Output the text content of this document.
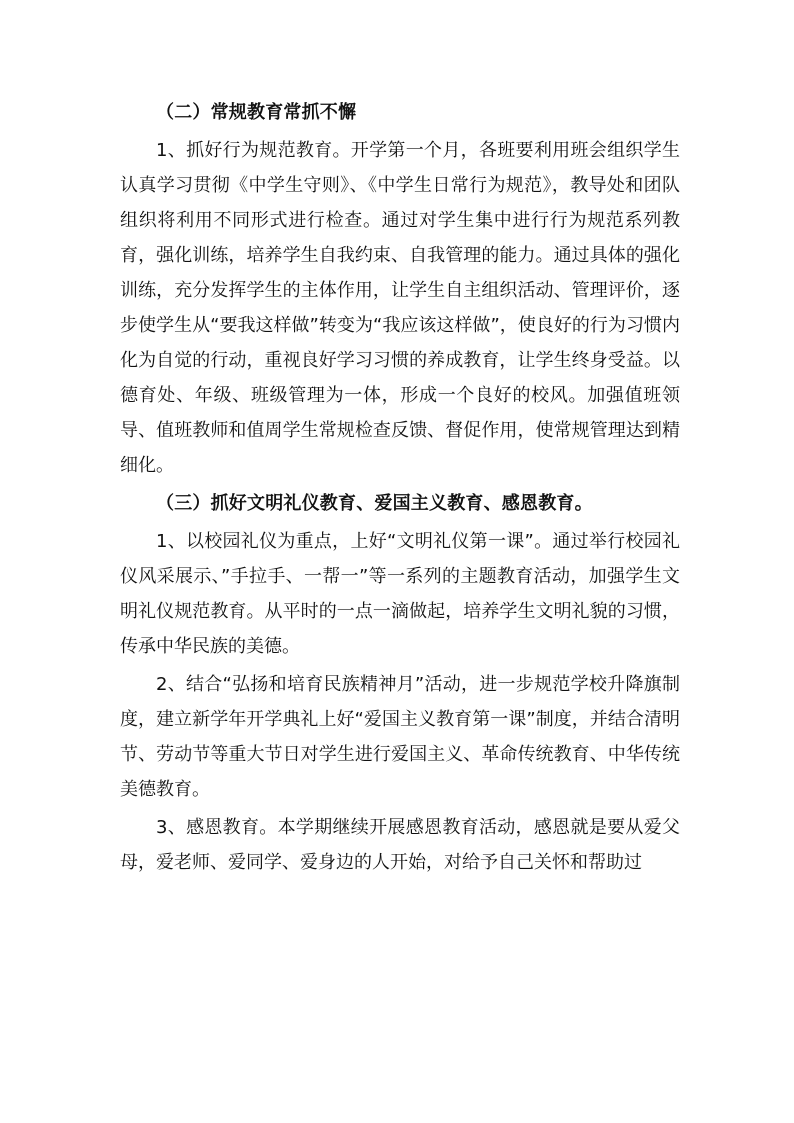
（二）常规教育常抓不懈

1、抓好行为规范教育。开学第一个月，各班要利用班会组织学生认真学习贯彻《中学生守则》、《中学生日常行为规范》，教导处和团队组织将利用不同形式进行检查。通过对学生集中进行行为规范系列教育，强化训练，培养学生自我约束、自我管理的能力。通过具体的强化训练，充分发挥学生的主体作用，让学生自主组织活动、管理评价，逐步使学生从“要我这样做”转变为“我应该这样做”，使良好的行为习惯内化为自觉的行动，重视良好学习习惯的养成教育，让学生终身受益。以德育处、年级、班级管理为一体，形成一个良好的校风。加强值班领导、值班教师和值周学生常规检查反馈、督促作用，使常规管理达到精细化。

（三）抓好文明礼仪教育、爱国主义教育、感恩教育。

1、以校园礼仪为重点，上好“文明礼仪第一课”。通过举行校园礼仪风采展示、”手拉手、一帮一”等一系列的主题教育活动，加强学生文明礼仪规范教育。从平时的一点一滴做起，培养学生文明礼貌的习惯，传承中华民族的美德。

2、结合“弘扬和培育民族精神月”活动，进一步规范学校升降旗制度，建立新学年开学典礼上好“爱国主义教育第一课”制度，并结合清明节、劳动节等重大节日对学生进行爱国主义、革命传统教育、中华传统美德教育。

3、感恩教育。本学期继续开展感恩教育活动，感恩就是要从爱父母，爱老师、爱同学、爱身边的人开始，对给予自己关怀和帮助过
